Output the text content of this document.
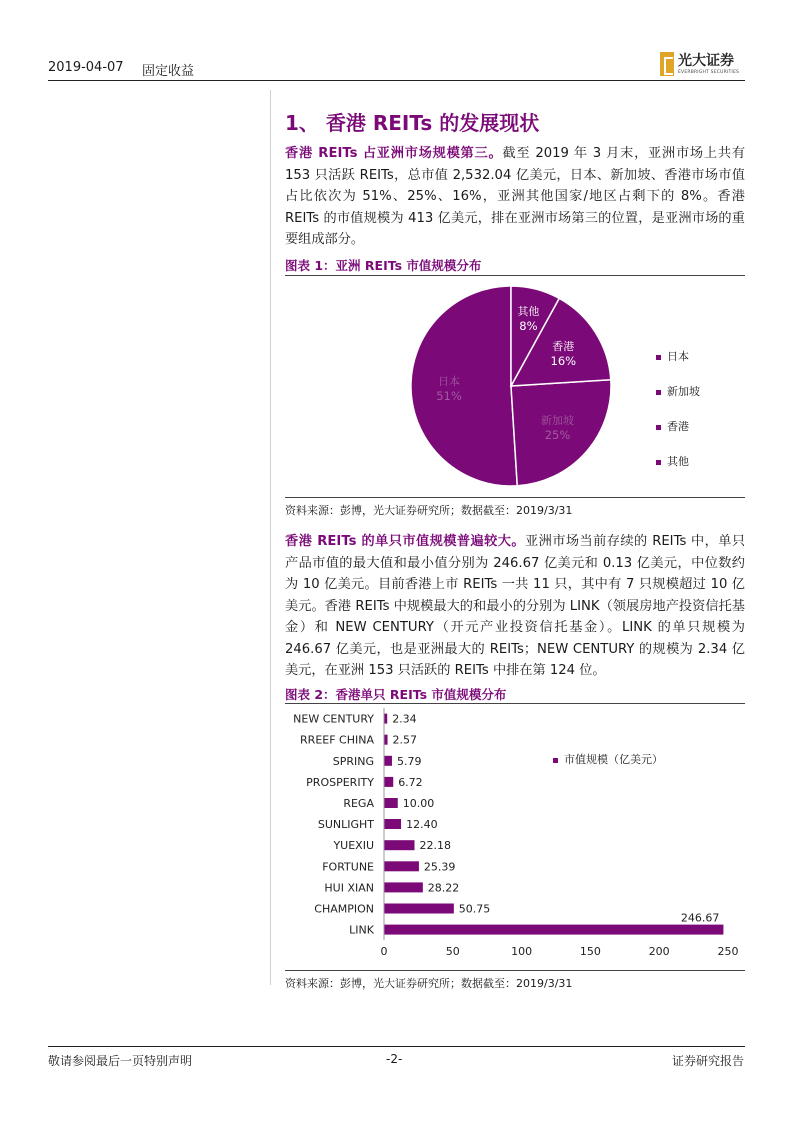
2019-04-07 固定收益
光大证券
EVERBRIGHT SECURITIES
1、 香港 REITs 的发展现状
香港 REITs 占亚洲市场规模第三。截至 2019 年 3 月末，亚洲市场上共有 153 只活跃 REITs，总市值 2,532.04 亿美元，日本、新加坡、香港市场市值占比依次为 51%、25%、16%，亚洲其他国家/地区占剩下的 8%。香港 REITs 的市值规模为 413 亿美元，排在亚洲市场第三的位置，是亚洲市场的重要组成部分。
图表 1：亚洲 REITs 市值规模分布
日本
51%
新加坡
25%
香港
16%
其他
8%
日本
新加坡
香港
其他
资料来源：彭博，光大证券研究所；数据截至：2019/3/31
香港 REITs 的单只市值规模普遍较大。亚洲市场当前存续的 REITs 中，单只产品市值的最大值和最小值分别为 246.67 亿美元和 0.13 亿美元，中位数约为 10 亿美元。目前香港上市 REITs 一共 11 只，其中有 7 只规模超过 10 亿美元。香港 REITs 中规模最大的和最小的分别为 LINK（领展房地产投资信托基金）和 NEW CENTURY（开元产业投资信托基金）。LINK 的单只规模为 246.67 亿美元，也是亚洲最大的 REITs；NEW CENTURY 的规模为 2.34 亿美元，在亚洲 153 只活跃的 REITs 中排在第 124 位。
图表 2：香港单只 REITs 市值规模分布
NEW CENTURY 2.34
RREEF CHINA 2.57
SPRING 5.79
PROSPERITY 6.72
REGA	10.00
SUNLIGHT	12.40
YUEXIU	22.18
FORTUNE	25.39
HUI XIAN	28.22
CHAMPION	50.75
LINK
246.67
0	50	100	150	200	250
市值规模（亿美元）
资料来源：彭博，光大证券研究所；数据截至：2019/3/31
敬请参阅最后一页特别声明	-2-	证券研究报告
